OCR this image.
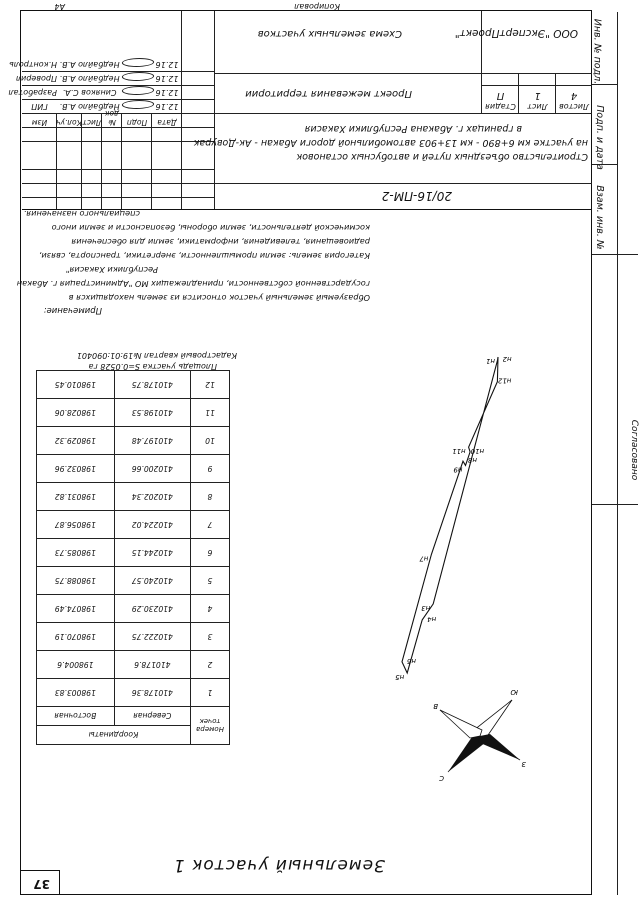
Согласовано
Взам. инв. №
Подп. и дата
Инв. № подл.
37
Земельный участок 1
Копировал
А4
С
Ю
В
З
н1 н2
н3
н4
н5
н6
н7
н8
н9
н10
н11
н12
Номера точек	Координаты	
	Северная	Восточная
1	410178.36	198003.83
2	410178.6	198004.6
3	410222.75	198070.19
4	410230.29	198074.49
5	410240.57	198088.75
6	410244.15	198085.73
7	410224.02	198056.87
8	410202.34	198031.82
9	410200.66	198032.96
10	410197.48	198029.32
11	410198.53	198028.06
12	410178.75	198010.45
Площадь участка S=0.0528 га
Кадастровый квартал №19:01:090401
Примечание:
Образуемый земельный участок относится из земель находящихся в
государственной собственности, принадлежащих МО "Администрация г. Абакан
Республики Хакасия"
Категория земель: земли промышленности, энергетики, транспорта, связи,
радиовещания, телевидения, информатики, земли для обеспечения
космической деятельности, земли обороны, безопасности и земли иного
специального назначения.
20/16-ПМ-2
Строительство объездных путей и автобусных остановок
на участке км 6+890 - км 13+903 автомобильной дороги Абакан - Ак-Довурак
в границах г. Абакана Республики Хакасия
Проект межевания территории
Схема земельных участков	ООО "ЭкспертПроект"
Стадия	Лист	Листов
П	1	4
Изм	Кол.уч Лист № док
Подп	Дата
ГИП	Недбайло А.В.	12.16
Разработал Синяков С.А.	12.16
Проверил Недбайло А.В.	12.16
Н.контроль Недбайло А.В.	12.16
